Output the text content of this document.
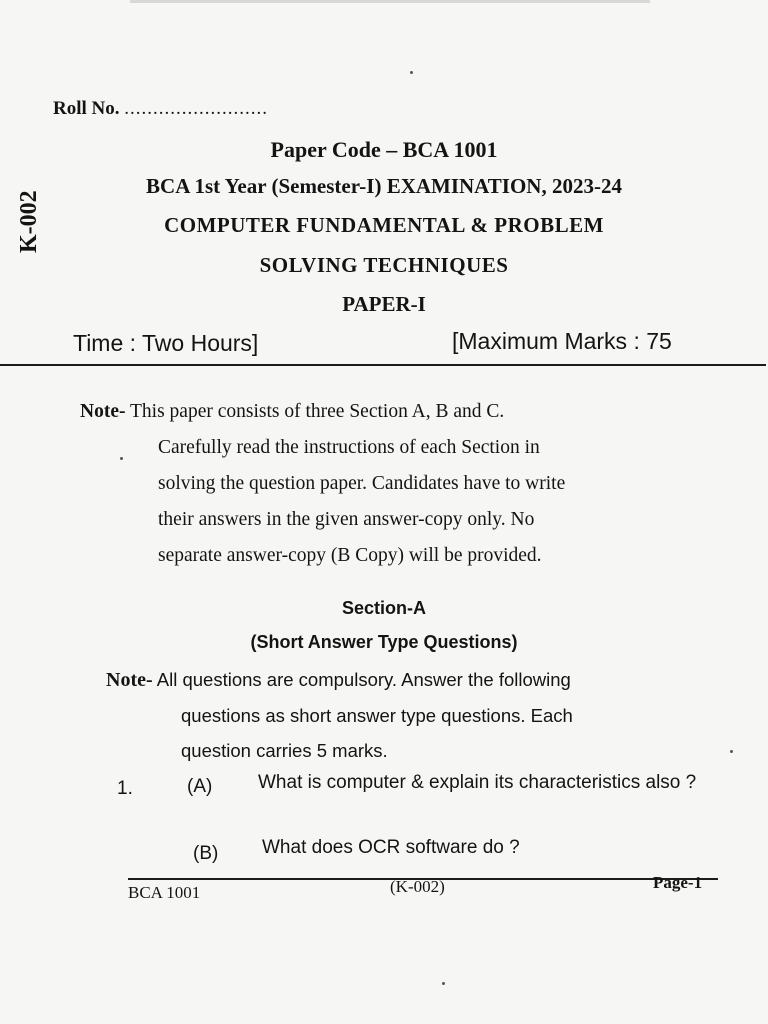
Roll No. .........................
Paper Code – BCA 1001
BCA 1st Year (Semester-I) EXAMINATION, 2023-24
COMPUTER FUNDAMENTAL & PROBLEM
SOLVING TECHNIQUES
PAPER-I
K-002
Time : Two Hours]	[Maximum Marks : 75
Note- This paper consists of three Section A, B and C.
Carefully read the instructions of each Section in
solving the question paper. Candidates have to write
their answers in the given answer-copy only. No
separate answer-copy (B Copy) will be provided.
Section-A
(Short Answer Type Questions)
Note- All questions are compulsory. Answer the following
questions as short answer type questions. Each
question carries 5 marks.
1.	(A) What is computer & explain its characteristics also ?
(B) What does OCR software do ?
BCA 1001	(K-002)	Page-1
